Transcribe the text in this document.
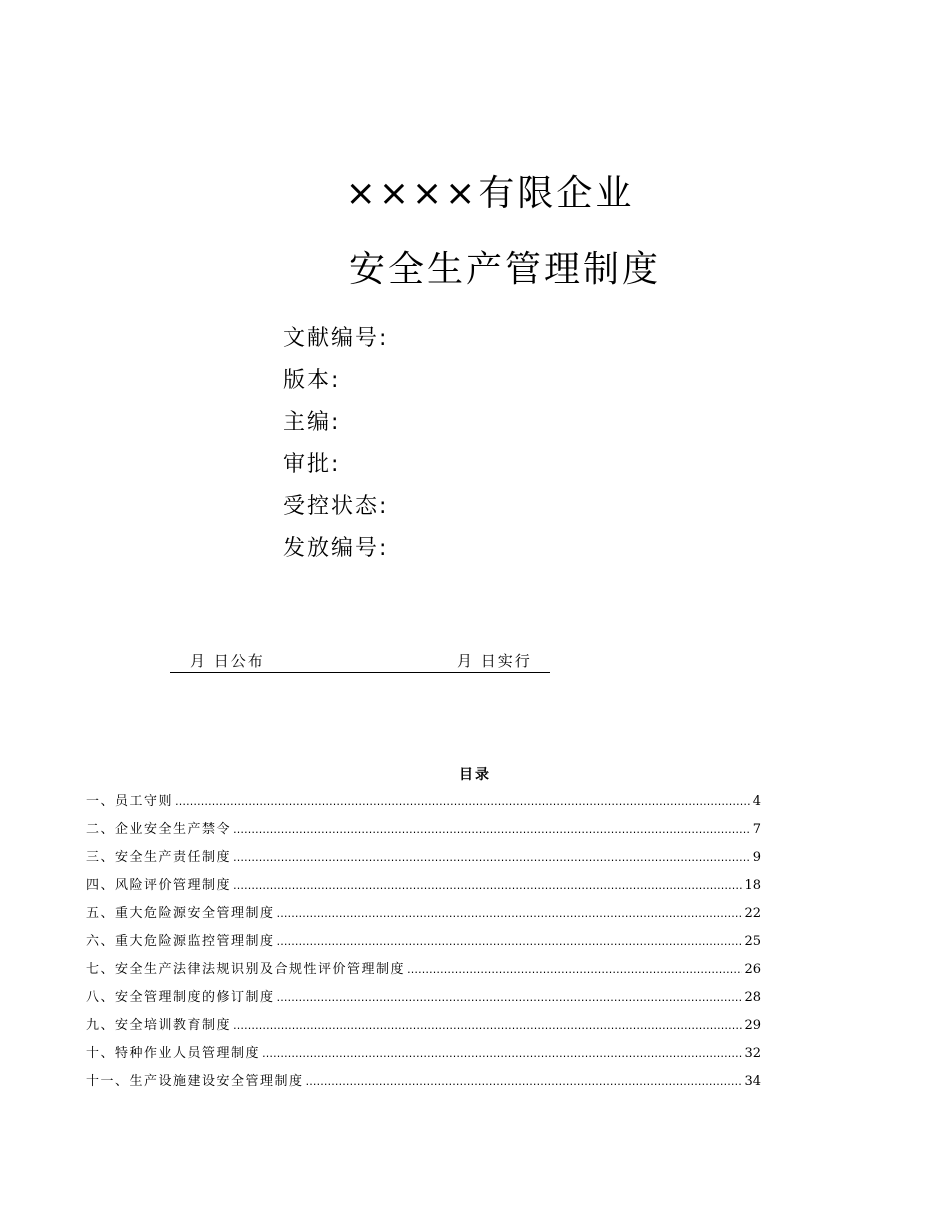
××××有限企业
安全生产管理制度
文献编号:
版本:
主编:
审批:
受控状态:
发放编号:
月 日公布	月 日实行
目录
一、员工守则 …………………………………………………………………………………………………………………………………………………………………………………………………………	4
二、企业安全生产禁令 …………………………………………………………………………………………………………………………………………………………………………………………………………	7
三、安全生产责任制度 …………………………………………………………………………………………………………………………………………………………………………………………………………	9
四、风险评价管理制度 …………………………………………………………………………………………………………………………………………………………………………………………………………	18
五、重大危险源安全管理制度 …………………………………………………………………………………………………………………………………………………………………………………………………………	22
六、重大危险源监控管理制度 …………………………………………………………………………………………………………………………………………………………………………………………………………	25
七、安全生产法律法规识别及合规性评价管理制度 …………………………………………………………………………………………………………………………………………………………………………………………………………	26
八、安全管理制度的修订制度 …………………………………………………………………………………………………………………………………………………………………………………………………………	28
九、安全培训教育制度 …………………………………………………………………………………………………………………………………………………………………………………………………………	29
十、特种作业人员管理制度 …………………………………………………………………………………………………………………………………………………………………………………………………………	32
十一、生产设施建设安全管理制度 …………………………………………………………………………………………………………………………………………………………………………………………………………	34
